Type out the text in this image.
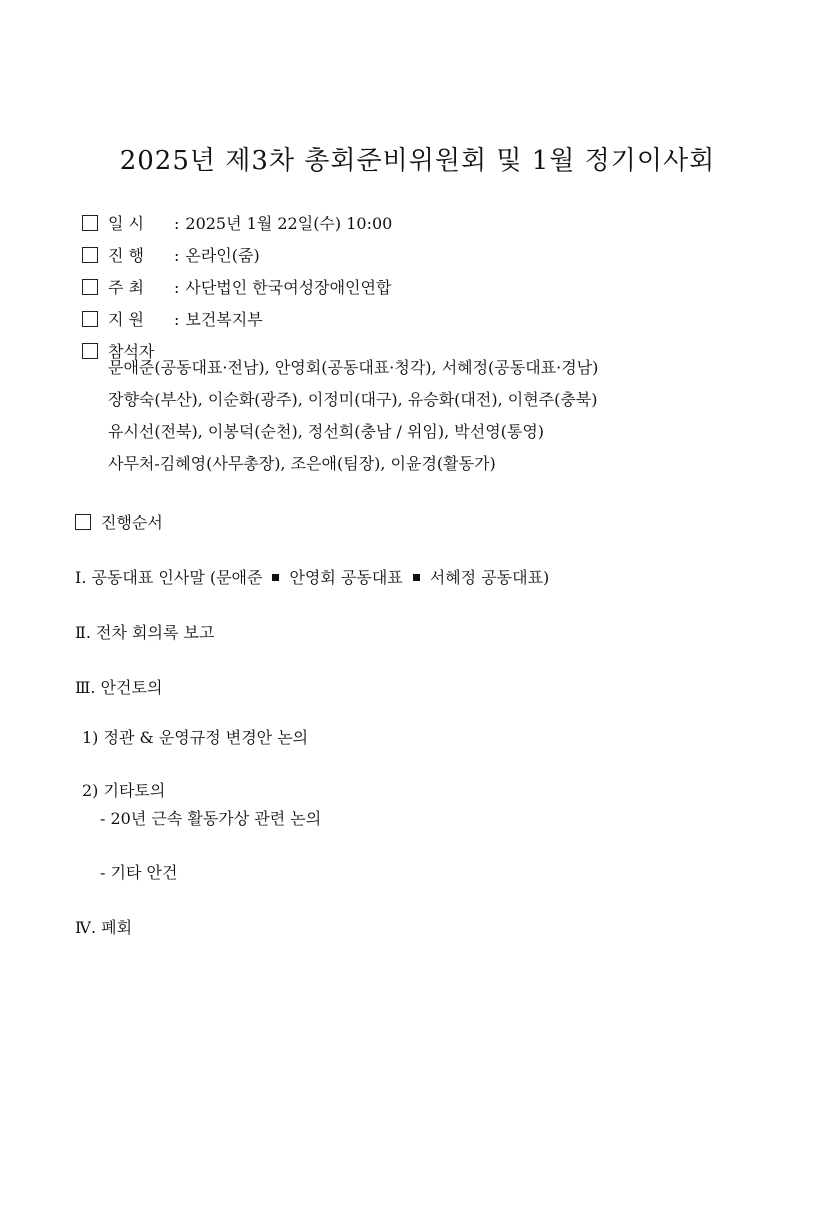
2025년 제3차 총회준비위원회 및 1월 정기이사회
일 시 : 2025년 1월 22일(수) 10:00
진 행 : 온라인(줌)
주 최 : 사단법인 한국여성장애인연합
지 원 : 보건복지부
참석자
문애준(공동대표·전남), 안영회(공동대표·청각), 서혜정(공동대표·경남)
장향숙(부산), 이순화(광주), 이정미(대구), 유승화(대전), 이현주(충북)
유시선(전북), 이봉덕(순천), 정선희(충남 / 위임), 박선영(통영)
사무처-김혜영(사무총장), 조은애(팀장), 이윤경(활동가)
진행순서
Ⅰ. 공동대표 인사말 (문애준 안영회 공동대표 서혜정 공동대표)
Ⅱ. 전차 회의록 보고
Ⅲ. 안건토의
1) 정관 & 운영규정 변경안 논의
2) 기타토의
- 20년 근속 활동가상 관련 논의
- 기타 안건
Ⅳ. 폐회
